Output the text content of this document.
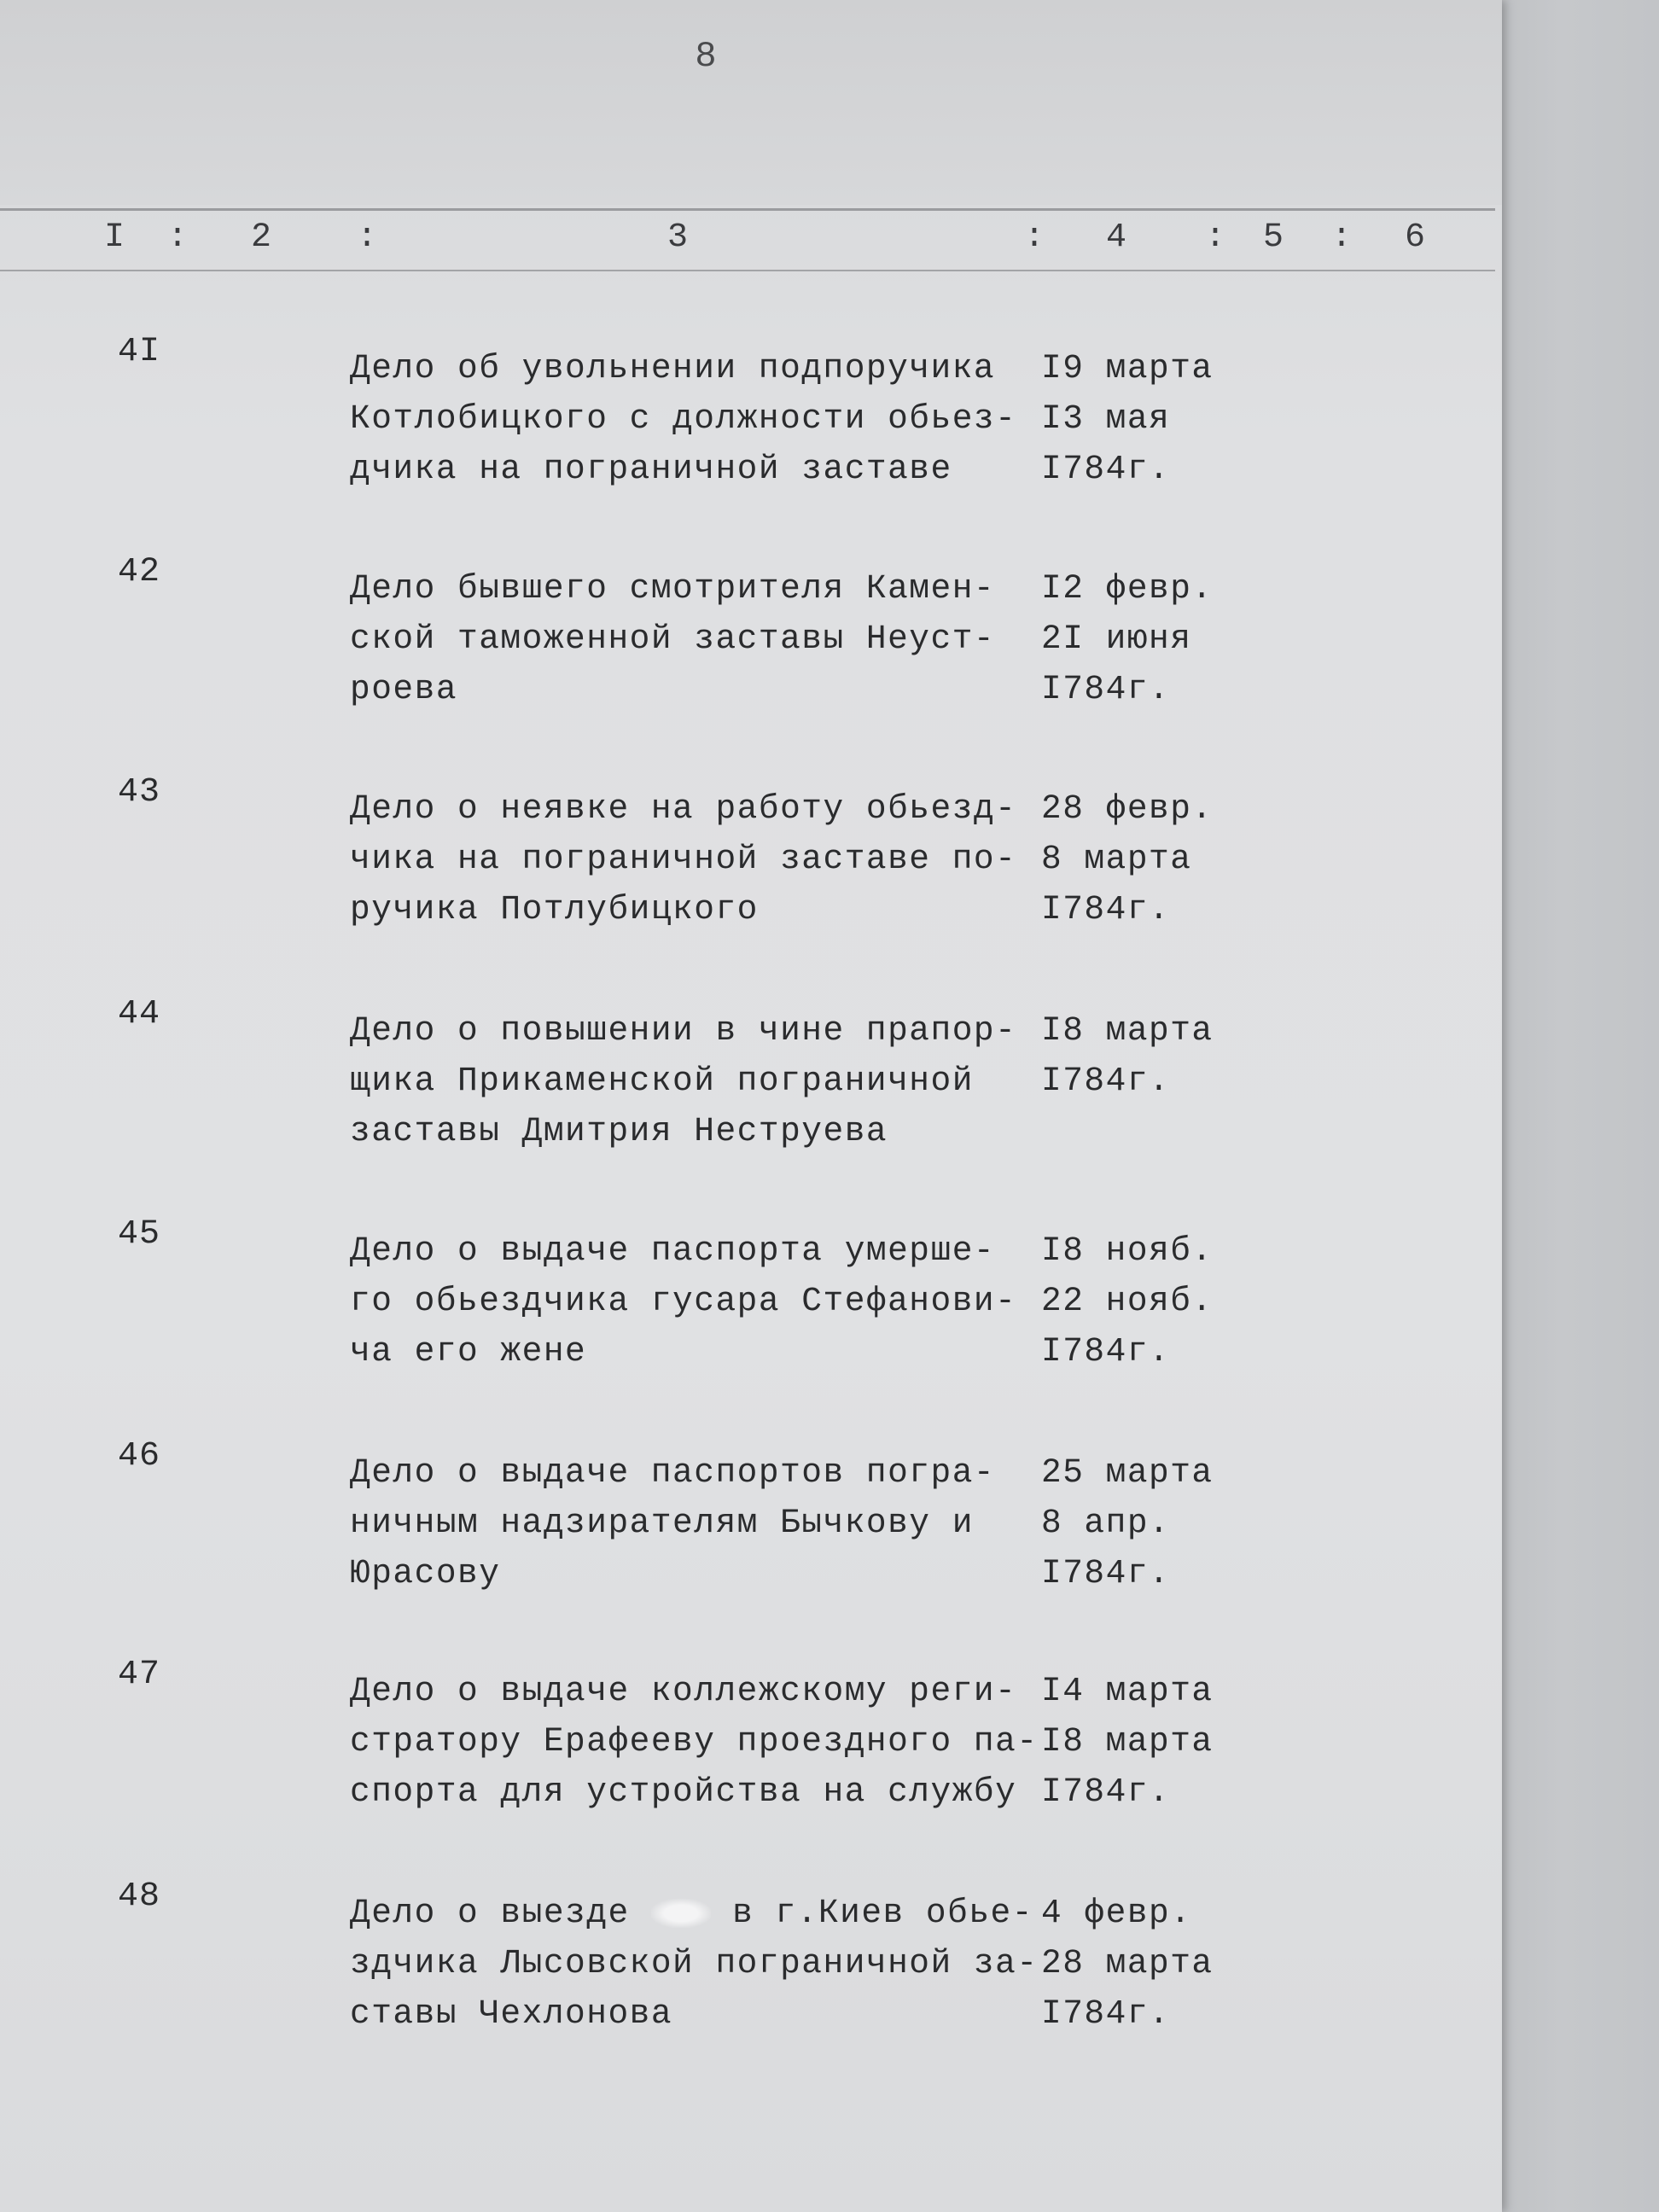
8
I : 2 :	3	: 4 : 5 : 6
4I	Дело об увольнении подпоручика
Котлобицкого с должности обьез-
дчика на пограничной заставе
I9 марта
I3 мая
I784г.
42	Дело бывшего смотрителя Камен-
ской таможенной заставы Неуст-
роева
I2 февр.
2I июня
I784г.
43	Дело о неявке на работу обьезд-
чика на пограничной заставе по-
ручика Потлубицкого
28 февр.
8 марта
I784г.
44	Дело о повышении в чине прапор-
щика Прикаменской пограничной
заставы Дмитрия Неструева
I8 марта
I784г.
45	Дело о выдаче паспорта умерше-
го обьездчика гусара Стефанови-
ча его жене
I8 нояб.
22 нояб.
I784г.
46	Дело о выдаче паспортов погра-
ничным надзирателям Бычкову и
Юрасову
25 марта
8 апр.
I784г.
47	Дело о выдаче коллежскому реги-
стратору Ерафееву проездного па-
спорта для устройства на службу
I4 марта
I8 марта
I784г.
48	Дело о выезде	в г.Киев обье-
здчика Лысовской пограничной за-
ставы Чехлонова
4 февр.
28 марта
I784г.
